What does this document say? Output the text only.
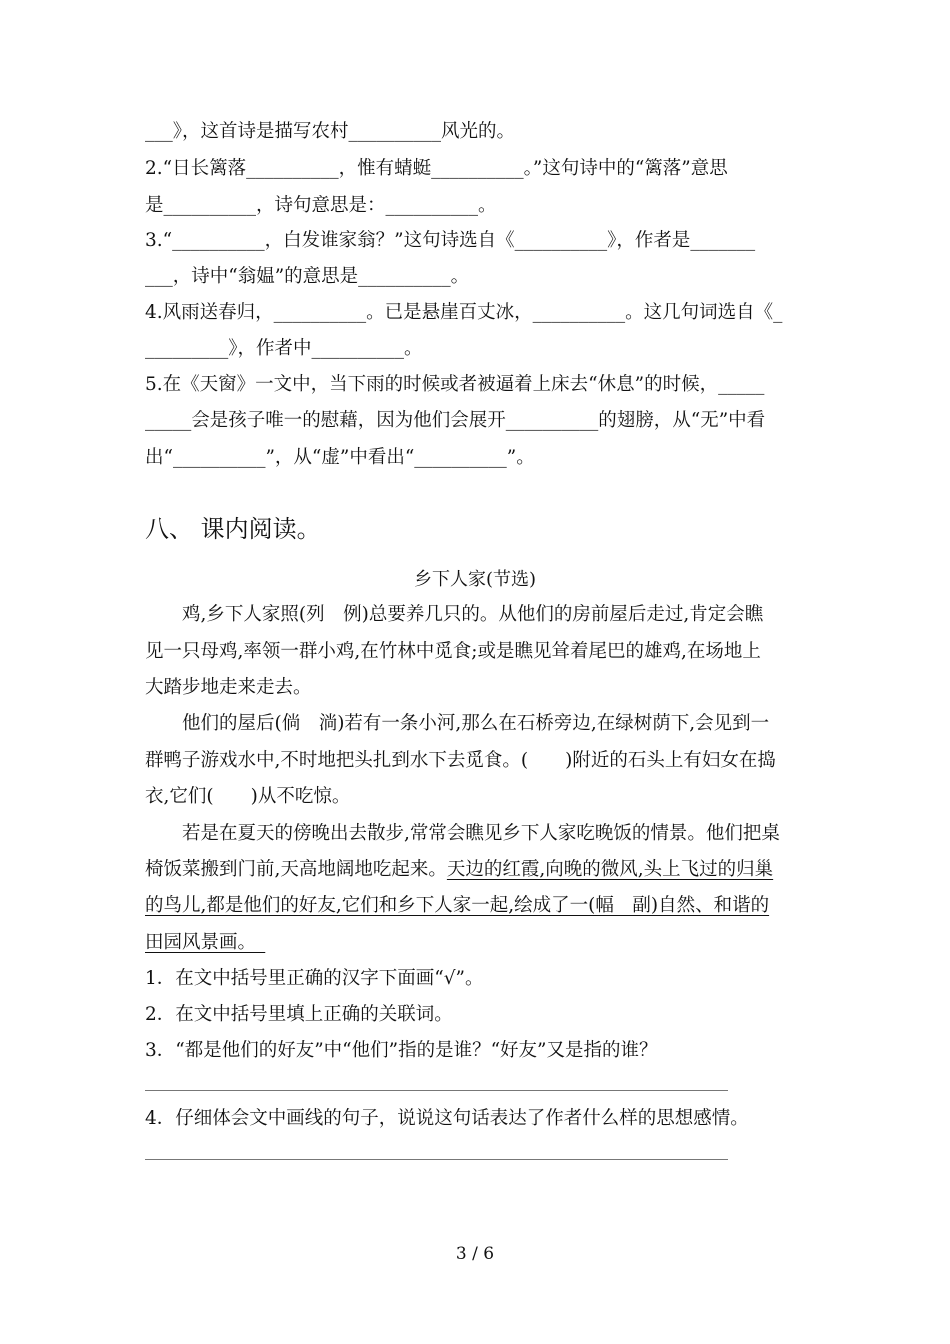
___》，这首诗是描写农村__________风光的。
2.“日长篱落__________，惟有蜻蜓__________。”这句诗中的“篱落”意思
是__________，诗句意思是：__________。
3.“__________，白发谁家翁？”这句诗选自《__________》，作者是_______
___，诗中“翁媪”的意思是__________。
4.风雨送春归，__________。已是悬崖百丈冰，__________。这几句词选自《_
_________》，作者中__________。
5.在《天窗》一文中，当下雨的时候或者被逼着上床去“休息”的时候，_____
_____会是孩子唯一的慰藉，因为他们会展开__________的翅膀，从“无”中看
出“__________”，从“虚”中看出“__________”。
八、 课内阅读。
乡下人家(节选)
　　鸡,乡下人家照(列　例)总要养几只的。从他们的房前屋后走过,肯定会瞧
见一只母鸡,率领一群小鸡,在竹林中觅食;或是瞧见耸着尾巴的雄鸡,在场地上
大踏步地走来走去。
　　他们的屋后(倘　淌)若有一条小河,那么在石桥旁边,在绿树荫下,会见到一
群鸭子游戏水中,不时地把头扎到水下去觅食。(　　)附近的石头上有妇女在捣
衣,它们(　　)从不吃惊。
　　若是在夏天的傍晚出去散步,常常会瞧见乡下人家吃晚饭的情景。他们把桌
椅饭菜搬到门前,天高地阔地吃起来。天边的红霞,向晚的微风,头上飞过的归巢
的鸟儿,都是他们的好友,它们和乡下人家一起,绘成了一(幅　副)自然、和谐的
田园风景画。　
1．在文中括号里正确的汉字下面画“√”。
2．在文中括号里填上正确的关联词。
3．“都是他们的好友”中“他们”指的是谁？“好友”又是指的谁？
4．仔细体会文中画线的句子，说说这句话表达了作者什么样的思想感情。
3 / 6
